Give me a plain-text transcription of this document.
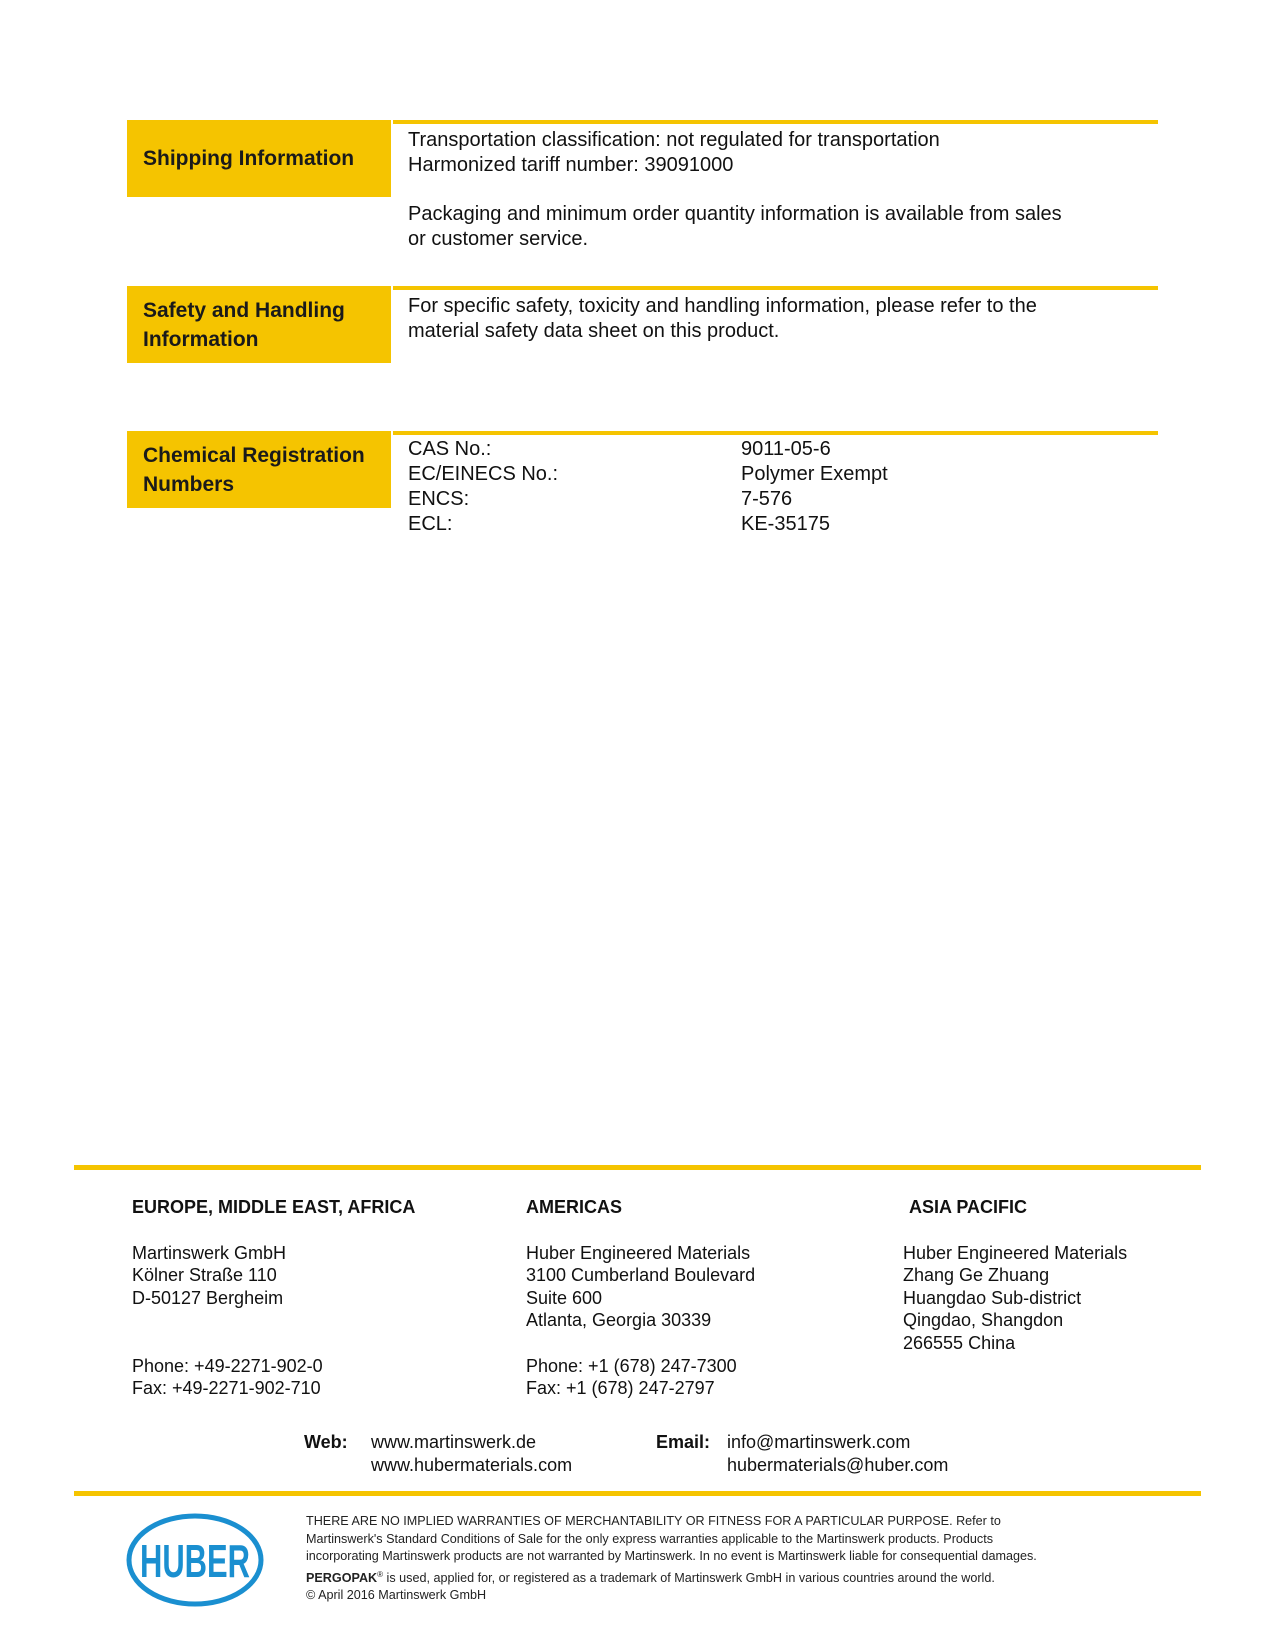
Shipping Information

Transportation classification: not regulated for transportation

Harmonized tariff number: 39091000

Packaging and minimum order quantity information is available from sales

or customer service.

Safety and Handling
Information

For specific safety, toxicity and handling information, please refer to the

material safety data sheet on this product.

Chemical Registration
Numbers
CAS No.:	9011-05-6
EC/EINECS No.:	Polymer Exempt
ENCS:	7-576
ECL:	KE-35175
EUROPE, MIDDLE EAST, AFRICA
Martinswerk GmbH
Kölner Straße 110
D-50127 Bergheim
Phone: +49-2271-902-0
Fax: +49-2271-902-710
AMERICAS
Huber Engineered Materials
3100 Cumberland Boulevard
Suite 600
Atlanta, Georgia 30339
Phone: +1 (678) 247-7300
Fax: +1 (678) 247-2797
ASIA PACIFIC
Huber Engineered Materials
Zhang Ge Zhuang
Huangdao Sub-district
Qingdao, Shangdon
266555 China
Web: www.martinswerk.de
www.hubermaterials.com
Email: info@martinswerk.com
hubermaterials@huber.com
HUBER
THERE ARE NO IMPLIED WARRANTIES OF MERCHANTABILITY OR FITNESS FOR A PARTICULAR PURPOSE. Refer to
Martinswerk's Standard Conditions of Sale for the only express warranties applicable to the Martinswerk products. Products
incorporating Martinswerk products are not warranted by Martinswerk. In no event is Martinswerk liable for consequential damages.
PERGOPAK® is used, applied for, or registered as a trademark of Martinswerk GmbH in various countries around the world.
© April 2016 Martinswerk GmbH
